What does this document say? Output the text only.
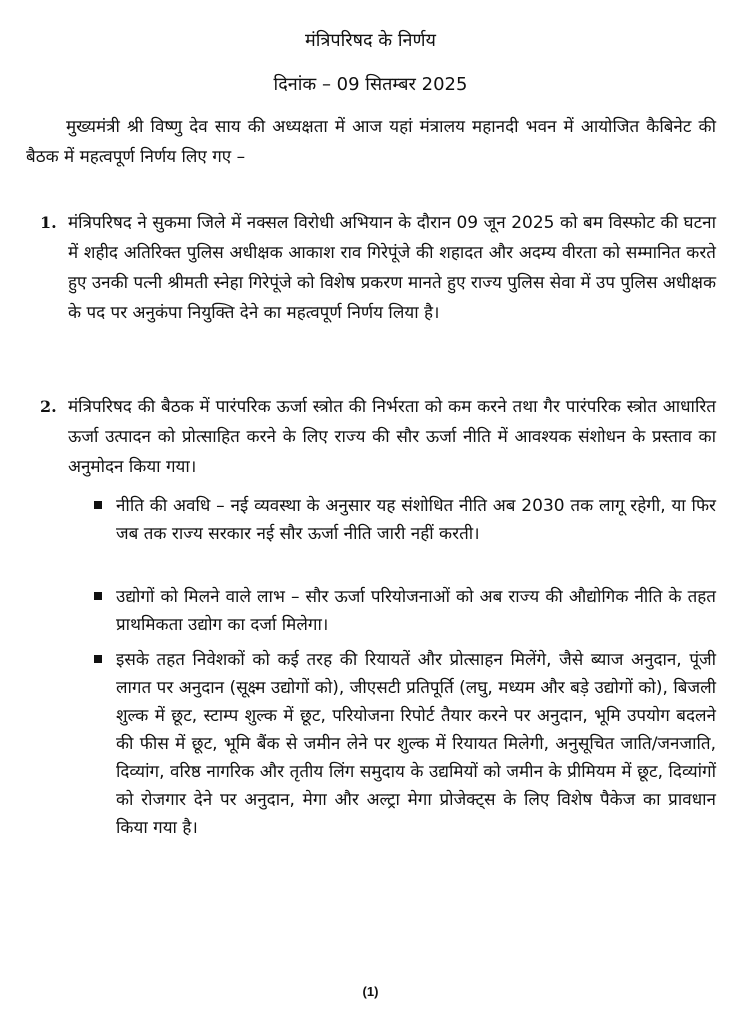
मंत्रिपरिषद के निर्णय
दिनांक – 09 सितम्बर 2025
मुख्यमंत्री श्री विष्णु देव साय की अध्यक्षता में आज यहां मंत्रालय महानदी भवन में आयोजित कैबिनेट की बैठक में महत्वपूर्ण निर्णय लिए गए –
1. मंत्रिपरिषद ने सुकमा जिले में नक्सल विरोधी अभियान के दौरान 09 जून 2025 को बम विस्फोट की घटना में शहीद अतिरिक्त पुलिस अधीक्षक आकाश राव गिरेपूंजे की शहादत और अदम्य वीरता को सम्मानित करते हुए उनकी पत्नी श्रीमती स्नेहा गिरेपूंजे को विशेष प्रकरण मानते हुए राज्य पुलिस सेवा में उप पुलिस अधीक्षक के पद पर अनुकंपा नियुक्ति देने का महत्वपूर्ण निर्णय लिया है।
2. मंत्रिपरिषद की बैठक में पारंपरिक ऊर्जा स्त्रोत की निर्भरता को कम करने तथा गैर पारंपरिक स्त्रोत आधारित ऊर्जा उत्पादन को प्रोत्साहित करने के लिए राज्य की सौर ऊर्जा नीति में आवश्यक संशोधन के प्रस्ताव का अनुमोदन किया गया।
नीति की अवधि – नई व्यवस्था के अनुसार यह संशोधित नीति अब 2030 तक लागू रहेगी, या फिर जब तक राज्य सरकार नई सौर ऊर्जा नीति जारी नहीं करती।
उद्योगों को मिलने वाले लाभ – सौर ऊर्जा परियोजनाओं को अब राज्य की औद्योगिक नीति के तहत प्राथमिकता उद्योग का दर्जा मिलेगा।
इसके तहत निवेशकों को कई तरह की रियायतें और प्रोत्साहन मिलेंगे, जैसे ब्याज अनुदान, पूंजी लागत पर अनुदान (सूक्ष्म उद्योगों को), जीएसटी प्रतिपूर्ति (लघु, मध्यम और बड़े उद्योगों को), बिजली शुल्क में छूट, स्टाम्प शुल्क में छूट, परियोजना रिपोर्ट तैयार करने पर अनुदान, भूमि उपयोग बदलने की फीस में छूट, भूमि बैंक से जमीन लेने पर शुल्क में रियायत मिलेगी, अनुसूचित जाति/जनजाति, दिव्यांग, वरिष्ठ नागरिक और तृतीय लिंग समुदाय के उद्यमियों को जमीन के प्रीमियम में छूट, दिव्यांगों को रोजगार देने पर अनुदान, मेगा और अल्ट्रा मेगा प्रोजेक्ट्स के लिए विशेष पैकेज का प्रावधान किया गया है।
(1)
